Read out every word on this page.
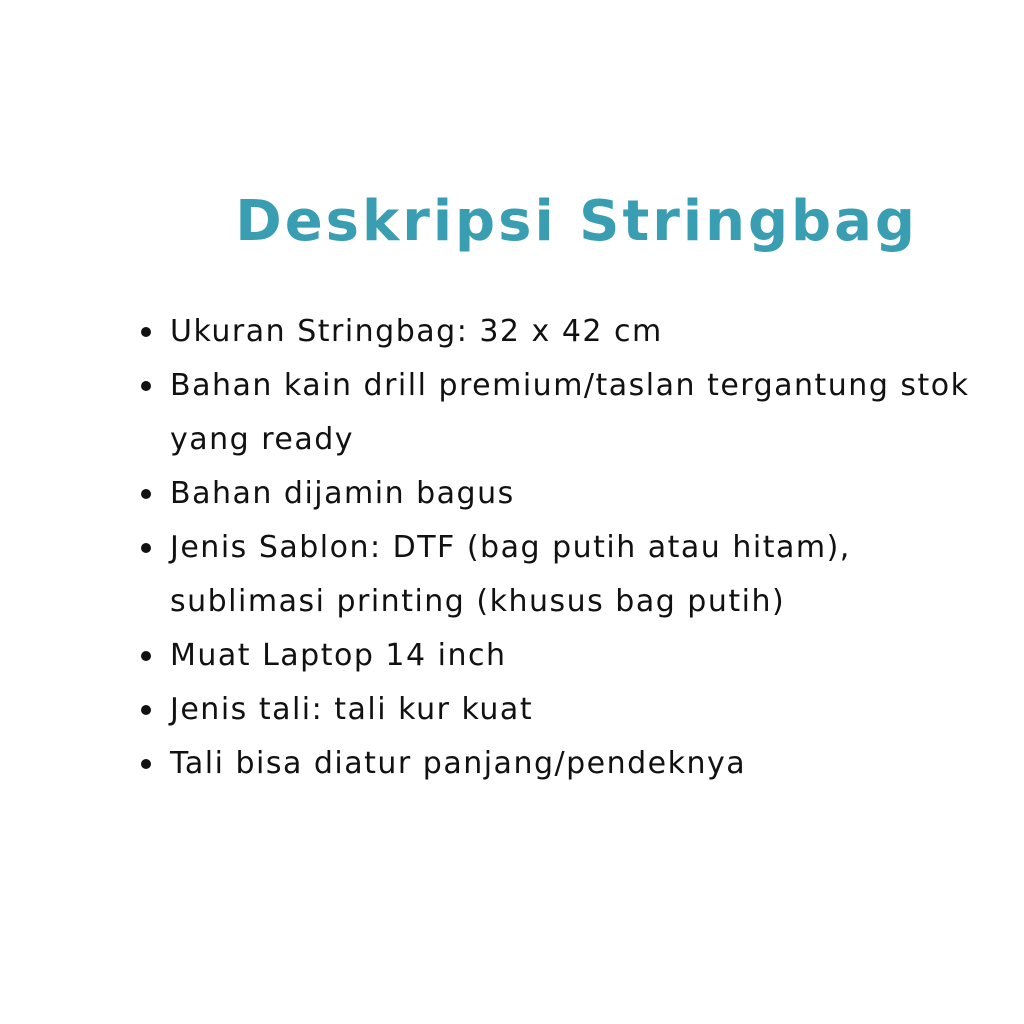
Deskripsi Stringbag
Ukuran Stringbag: 32 x 42 cm
Bahan kain drill premium/taslan tergantung stok yang ready
Bahan dijamin bagus
Jenis Sablon: DTF (bag putih atau hitam), sublimasi printing (khusus bag putih)
Muat Laptop 14 inch
Jenis tali: tali kur kuat
Tali bisa diatur panjang/pendeknya
